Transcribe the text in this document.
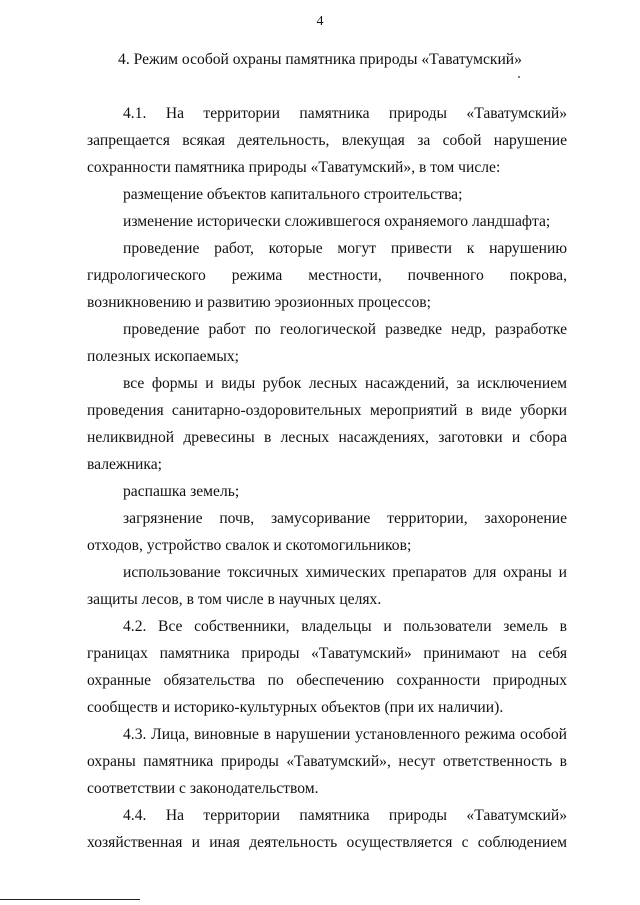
4
4. Режим особой охраны памятника природы «Таватумский»

4.1. На территории памятника природы «Таватумский» запрещается всякая деятельность, влекущая за собой нарушение сохранности памятника природы «Таватумский», в том числе:

размещение объектов капитального строительства;

изменение исторически сложившегося охраняемого ландшафта;

проведение работ, которые могут привести к нарушению гидрологического режима местности, почвенного покрова, возникновению и развитию эрозионных процессов;

проведение работ по геологической разведке недр, разработке полезных ископаемых;

все формы и виды рубок лесных насаждений, за исключением проведения санитарно-оздоровительных мероприятий в виде уборки неликвидной древесины в лесных насаждениях, заготовки и сбора валежника;

распашка земель;

загрязнение почв, замусоривание территории, захоронение отходов, устройство свалок и скотомогильников;

использование токсичных химических препаратов для охраны и защиты лесов, в том числе в научных целях.

4.2. Все собственники, владельцы и пользователи земель в границах памятника природы «Таватумский» принимают на себя охранные обязательства по обеспечению сохранности природных сообществ и историко-культурных объектов (при их наличии).

4.3. Лица, виновные в нарушении установленного режима особой охраны памятника природы «Таватумский», несут ответственность в соответствии с законодательством.

4.4. На территории памятника природы «Таватумский» хозяйственная и иная деятельность осуществляется с соблюдением
